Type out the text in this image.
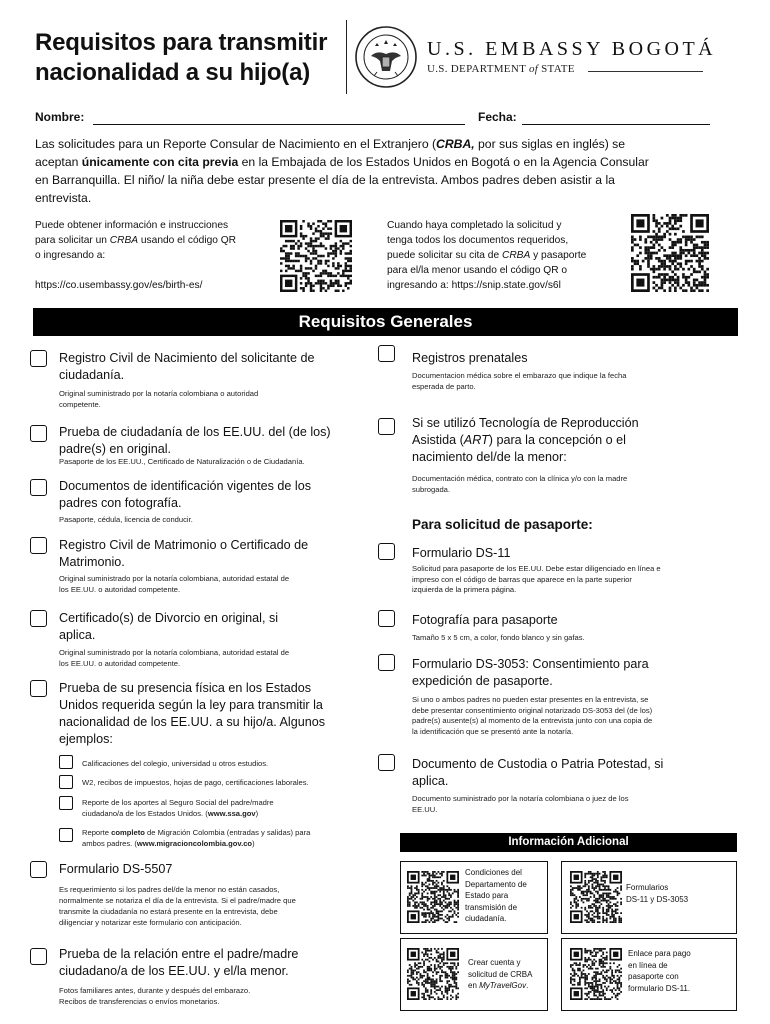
Requisitos para transmitir
nacionalidad a su hijo(a)
U.S. EMBASSY BOGOTÁ
U.S. DEPARTMENT of STATE
Nombre:	Fecha:
Las solicitudes para un Reporte Consular de Nacimiento en el Extranjero (CRBA, por sus siglas en inglés) se
aceptan únicamente con cita previa en la Embajada de los Estados Unidos en Bogotá o en la Agencia Consular
en Barranquilla. El niño/ la niña debe estar presente el día de la entrevista. Ambos padres deben asistir a la
entrevista.
Puede obtener información e instrucciones
para solicitar un CRBA usando el código QR
o ingresando a:
https://co.usembassy.gov/es/birth-es/
Cuando haya completado la solicitud y
tenga todos los documentos requeridos,
puede solicitar su cita de CRBA y pasaporte
para el/la menor usando el código QR o
ingresando a: https://snip.state.gov/s6l
Requisitos Generales
Registro Civil de Nacimiento del solicitante de
ciudadanía.
Original suministrado por la notaría colombiana o autoridad
competente.
Prueba de ciudadanía de los EE.UU. del (de los)
padre(s) en original.
Pasaporte de los EE.UU., Certificado de Naturalización o de Ciudadanía.
Documentos de identificación vigentes de los
padres con fotografía.
Pasaporte, cédula, licencia de conducir.
Registro Civil de Matrimonio o Certificado de
Matrimonio.
Original suministrado por la notaría colombiana, autoridad estatal de
los EE.UU. o autoridad competente.
Certificado(s) de Divorcio en original, si
aplica.
Original suministrado por la notaría colombiana, autoridad estatal de
los EE.UU. o autoridad competente.
Prueba de su presencia física en los Estados
Unidos requerida según la ley para transmitir la
nacionalidad de los EE.UU. a su hijo/a. Algunos
ejemplos:
Calificaciones del colegio, universidad u otros estudios.
W2, recibos de impuestos, hojas de pago, certificaciones laborales.
Reporte de los aportes al Seguro Social del padre/madre
ciudadano/a de los Estados Unidos. (www.ssa.gov)
Reporte completo de Migración Colombia (entradas y salidas) para
ambos padres. (www.migracioncolombia.gov.co)
Formulario DS-5507
Es requerimiento si los padres del/de la menor no están casados,
normalmente se notariza el día de la entrevista. Si el padre/madre que
transmite la ciudadanía no estará presente en la entrevista, debe
diligenciar y notarizar este formulario con anticipación.
Prueba de la relación entre el padre/madre
ciudadano/a de los EE.UU. y el/la menor.
Fotos familiares antes, durante y después del embarazo.
Recibos de transferencias o envíos monetarios.
Registros prenatales
Documentacion médica sobre el embarazo que indique la fecha
esperada de parto.
Si se utilizó Tecnología de Reproducción
Asistida (ART) para la concepción o el
nacimiento del/de la menor:
Documentación médica, contrato con la clínica y/o con la madre
subrogada.
Para solicitud de pasaporte:
Formulario DS-11
Solicitud para pasaporte de los EE.UU. Debe estar diligenciado en línea e
impreso con el código de barras que aparece en la parte superior
izquierda de la primera página.
Fotografía para pasaporte
Tamaño 5 x 5 cm, a color, fondo blanco y sin gafas.
Formulario DS-3053: Consentimiento para
expedición de pasaporte.
Si uno o ambos padres no pueden estar presentes en la entrevista, se
debe presentar consentimiento original notarizado DS-3053 del (de los)
padre(s) ausente(s) al momento de la entrevista junto con una copia de
la identificación que se presentó ante la notaría.
Documento de Custodia o Patria Potestad, si
aplica.
Documento suministrado por la notaría colombiana o juez de los
EE.UU.
Información Adicional
Condiciones del
Departamento de
Estado para
transmisión de
ciudadanía.
Formularios
DS-11 y DS-3053
Crear cuenta y
solicitud de CRBA
en MyTravelGov.
Enlace para pago
en línea de
pasaporte con
formulario DS-11.
